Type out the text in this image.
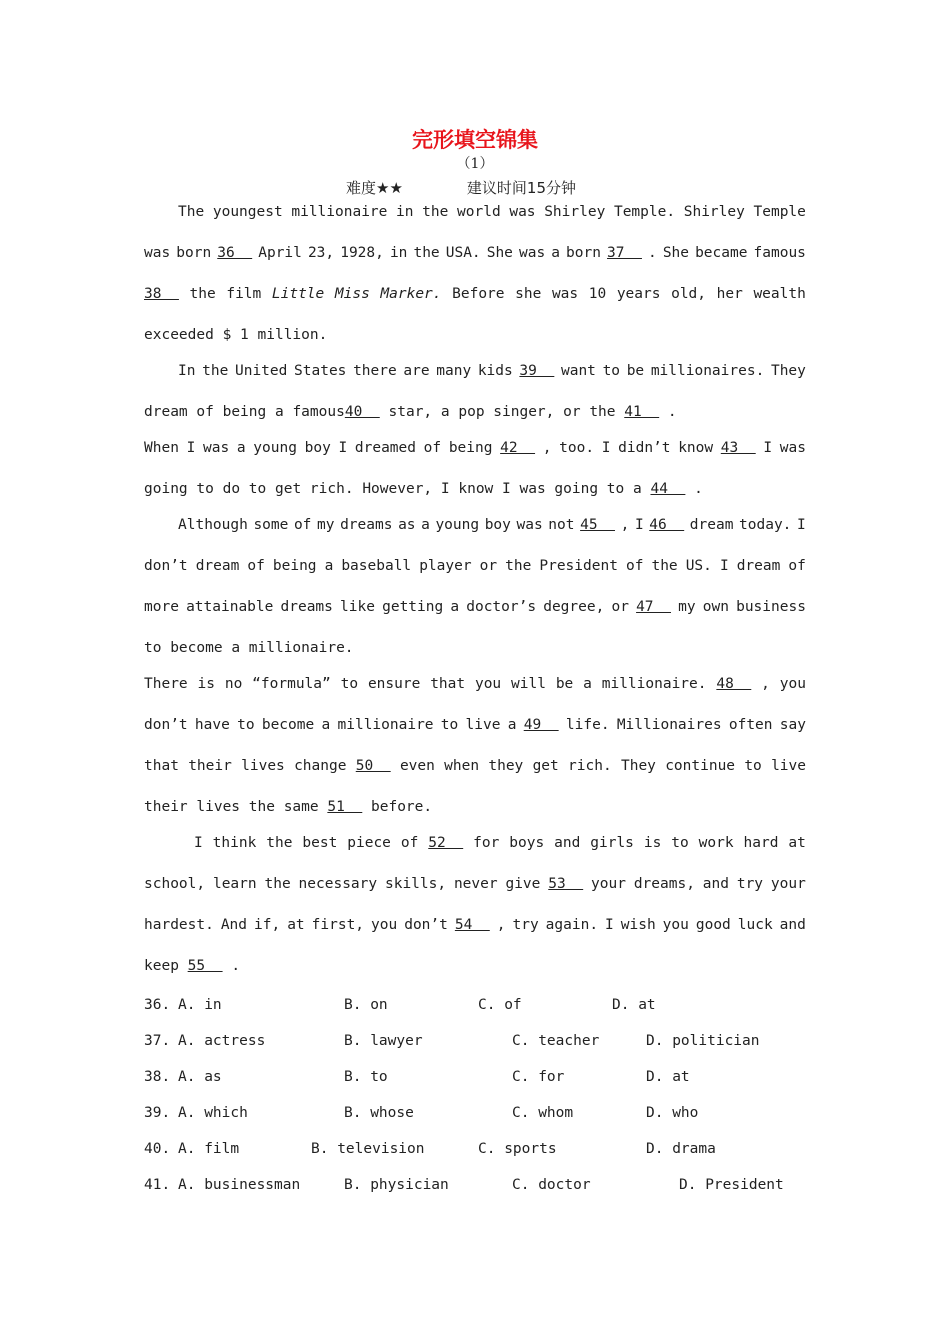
完形填空锦集
（1）
难度★★	建议时间15分钟
The youngest millionaire in the world was Shirley Temple. Shirley Temple
was born 36 April 23, 1928, in the USA. She was a born 37 . She became famous
38 the film Little Miss Marker. Before she was 10 years old, her wealth
exceeded $ 1 million.
In the United States there are many kids 39 want to be millionaires. They
dream of being a famous40 star, a pop singer, or the 41 .
When I was a young boy I dreamed of being 42 , too. I didn’t know 43 I was
going to do to get rich. However, I know I was going to a 44 .
Although some of my dreams as a young boy was not 45 , I 46 dream today. I
don’t dream of being a baseball player or the President of the US. I dream of
more attainable dreams like getting a doctor’s degree, or 47 my own business
to become a millionaire.
There is no “formula” to ensure that you will be a millionaire. 48 , you
don’t have to become a millionaire to live a 49 life. Millionaires often say
that their lives change 50 even when they get rich. They continue to live
their lives the same 51 before.
I think the best piece of 52 for boys and girls is to work hard at
school, learn the necessary skills, never give 53 your dreams, and try your
hardest. And if, at first, you don’t 54 , try again. I wish you good luck and
keep 55 .
36. A. in	B. on	C. of	D. at
37. A. actress	B. lawyer	C. teacher	D. politician
38. A. as	B. to	C. for	D. at
39. A. which	B. whose	C. whom	D. who
40. A. film	B. television	C. sports	D. drama
41. A. businessman	B. physician	C. doctor	D. President
